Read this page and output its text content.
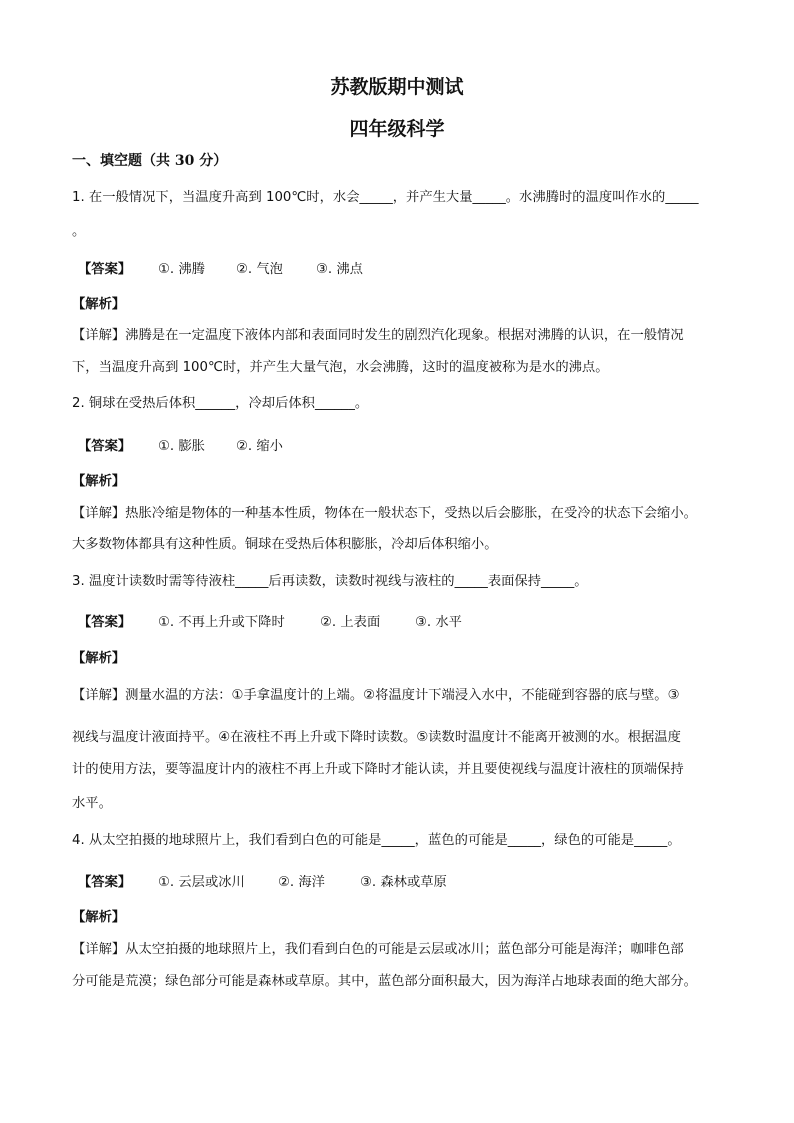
苏教版期中测试
四年级科学
一、填空题（共 30 分）
1. 在一般情况下，当温度升高到 100℃时，水会_____，并产生大量_____。水沸腾时的温度叫作水的_____
。
【答案】 ①. 沸腾 ②. 气泡 ③. 沸点
【解析】
【详解】沸腾是在一定温度下液体内部和表面同时发生的剧烈汽化现象。根据对沸腾的认识，在一般情况
下，当温度升高到 100℃时，并产生大量气泡，水会沸腾，这时的温度被称为是水的沸点。
2. 铜球在受热后体积______，冷却后体积______。
【答案】 ①. 膨胀 ②. 缩小
【解析】
【详解】热胀冷缩是物体的一种基本性质，物体在一般状态下，受热以后会膨胀，在受冷的状态下会缩小。
大多数物体都具有这种性质。铜球在受热后体积膨胀，冷却后体积缩小。
3. 温度计读数时需等待液柱_____后再读数，读数时视线与液柱的_____表面保持_____。
【答案】 ①. 不再上升或下降时	②. 上表面	③. 水平
【解析】
【详解】测量水温的方法：①手拿温度计的上端。②将温度计下端浸入水中，不能碰到容器的底与壁。③
视线与温度计液面持平。④在液柱不再上升或下降时读数。⑤读数时温度计不能离开被测的水。根据温度
计的使用方法，要等温度计内的液柱不再上升或下降时才能认读，并且要使视线与温度计液柱的顶端保持
水平。
4. 从太空拍摄的地球照片上，我们看到白色的可能是_____，蓝色的可能是_____，绿色的可能是_____。
【答案】 ①. 云层或冰川 ②. 海洋	③. 森林或草原
【解析】
【详解】从太空拍摄的地球照片上，我们看到白色的可能是云层或冰川；蓝色部分可能是海洋；咖啡色部
分可能是荒漠；绿色部分可能是森林或草原。其中，蓝色部分面积最大，因为海洋占地球表面的绝大部分。
